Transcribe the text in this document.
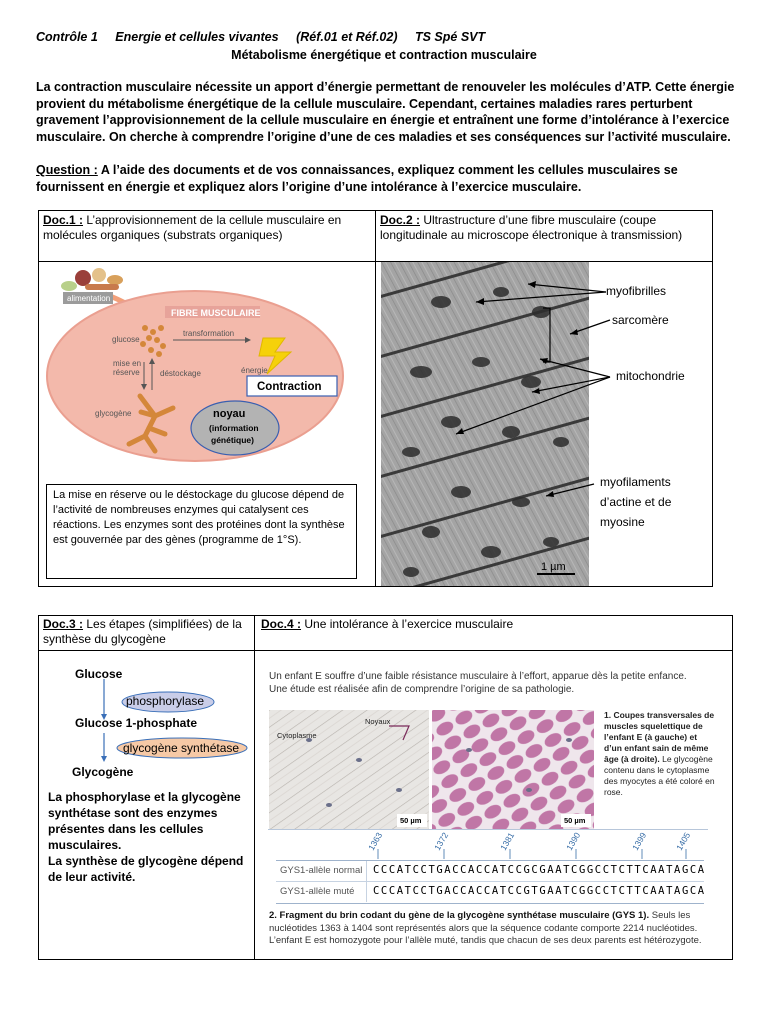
Contrôle 1 Energie et cellules vivantes (Réf.01 et Réf.02) TS Spé SVT
Métabolisme énergétique et contraction musculaire
La contraction musculaire nécessite un apport d’énergie permettant de renouveler les molécules d’ATP. Cette énergie provient du métabolisme énergétique de la cellule musculaire. Cependant, certaines maladies rares perturbent gravement l’approvisionnement de la cellule musculaire en énergie et entraînent une forme d’intolérance à l’exercice musculaire. On cherche à comprendre l’origine d’une de ces maladies et ses conséquences sur l’activité musculaire.
Question : A l’aide des documents et de vos connaissances, expliquez comment les cellules musculaires se fournissent en énergie et expliquez alors l’origine d’une intolérance à l’exercice musculaire.
Doc.1 : L’approvisionnement de la cellule musculaire en molécules organiques (substrats organiques)
alimentation
FIBRE MUSCULAIRE
glucose
transformation
mise en
réserve	déstockage
glycogène
énergie
Contraction
noyau
(information
génétique)
La mise en réserve ou le déstockage du glucose dépend de l’activité de nombreuses enzymes qui catalysent ces réactions. Les enzymes sont des protéines dont la synthèse est gouvernée par des gènes (programme de 1°S).
Doc.2 : Ultrastructure d’une fibre musculaire (coupe longitudinale au microscope électronique à transmission)
1 µm
myofibrilles
sarcomère
mitochondrie
myofilaments
d’actine et de
myosine
Doc.3 : Les étapes (simplifiées) de la synthèse du glycogène
Glucose
phosphorylase
Glucose 1-phosphate
glycogène synthétase
Glycogène
La phosphorylase et la glycogène synthétase sont des enzymes présentes dans les cellules musculaires.
La synthèse de glycogène dépend de leur activité.
Doc.4 : Une intolérance à l’exercice musculaire
Un enfant E souffre d’une faible résistance musculaire à l’effort, apparue dès la petite enfance.
Une étude est réalisée afin de comprendre l’origine de sa pathologie.
Noyaux
Cytoplasme
50 µm	50 µm
1. Coupes transversales de muscles squelettique de l’enfant E (à gauche) et d’un enfant sain de même âge (à droite). Le glycogène contenu dans le cytoplasme des myocytes a été coloré en rose.
1363	1372	1381	1390	1399	1405
GYS1-allèle normal CCCATCCTGACCACCATCCGCGAATCGGCCTCTTCAATAGCA
GYS1-allèle muté CCCATCCTGACCACCATCCGTGAATCGGCCTCTTCAATAGCA
2. Fragment du brin codant du gène de la glycogène synthétase musculaire (GYS 1). Seuls les nucléotides 1363 à 1404 sont représentés alors que la séquence codante comporte 2214 nucléotides.
L’enfant E est homozygote pour l’allèle muté, tandis que chacun de ses deux parents est hétérozygote.
